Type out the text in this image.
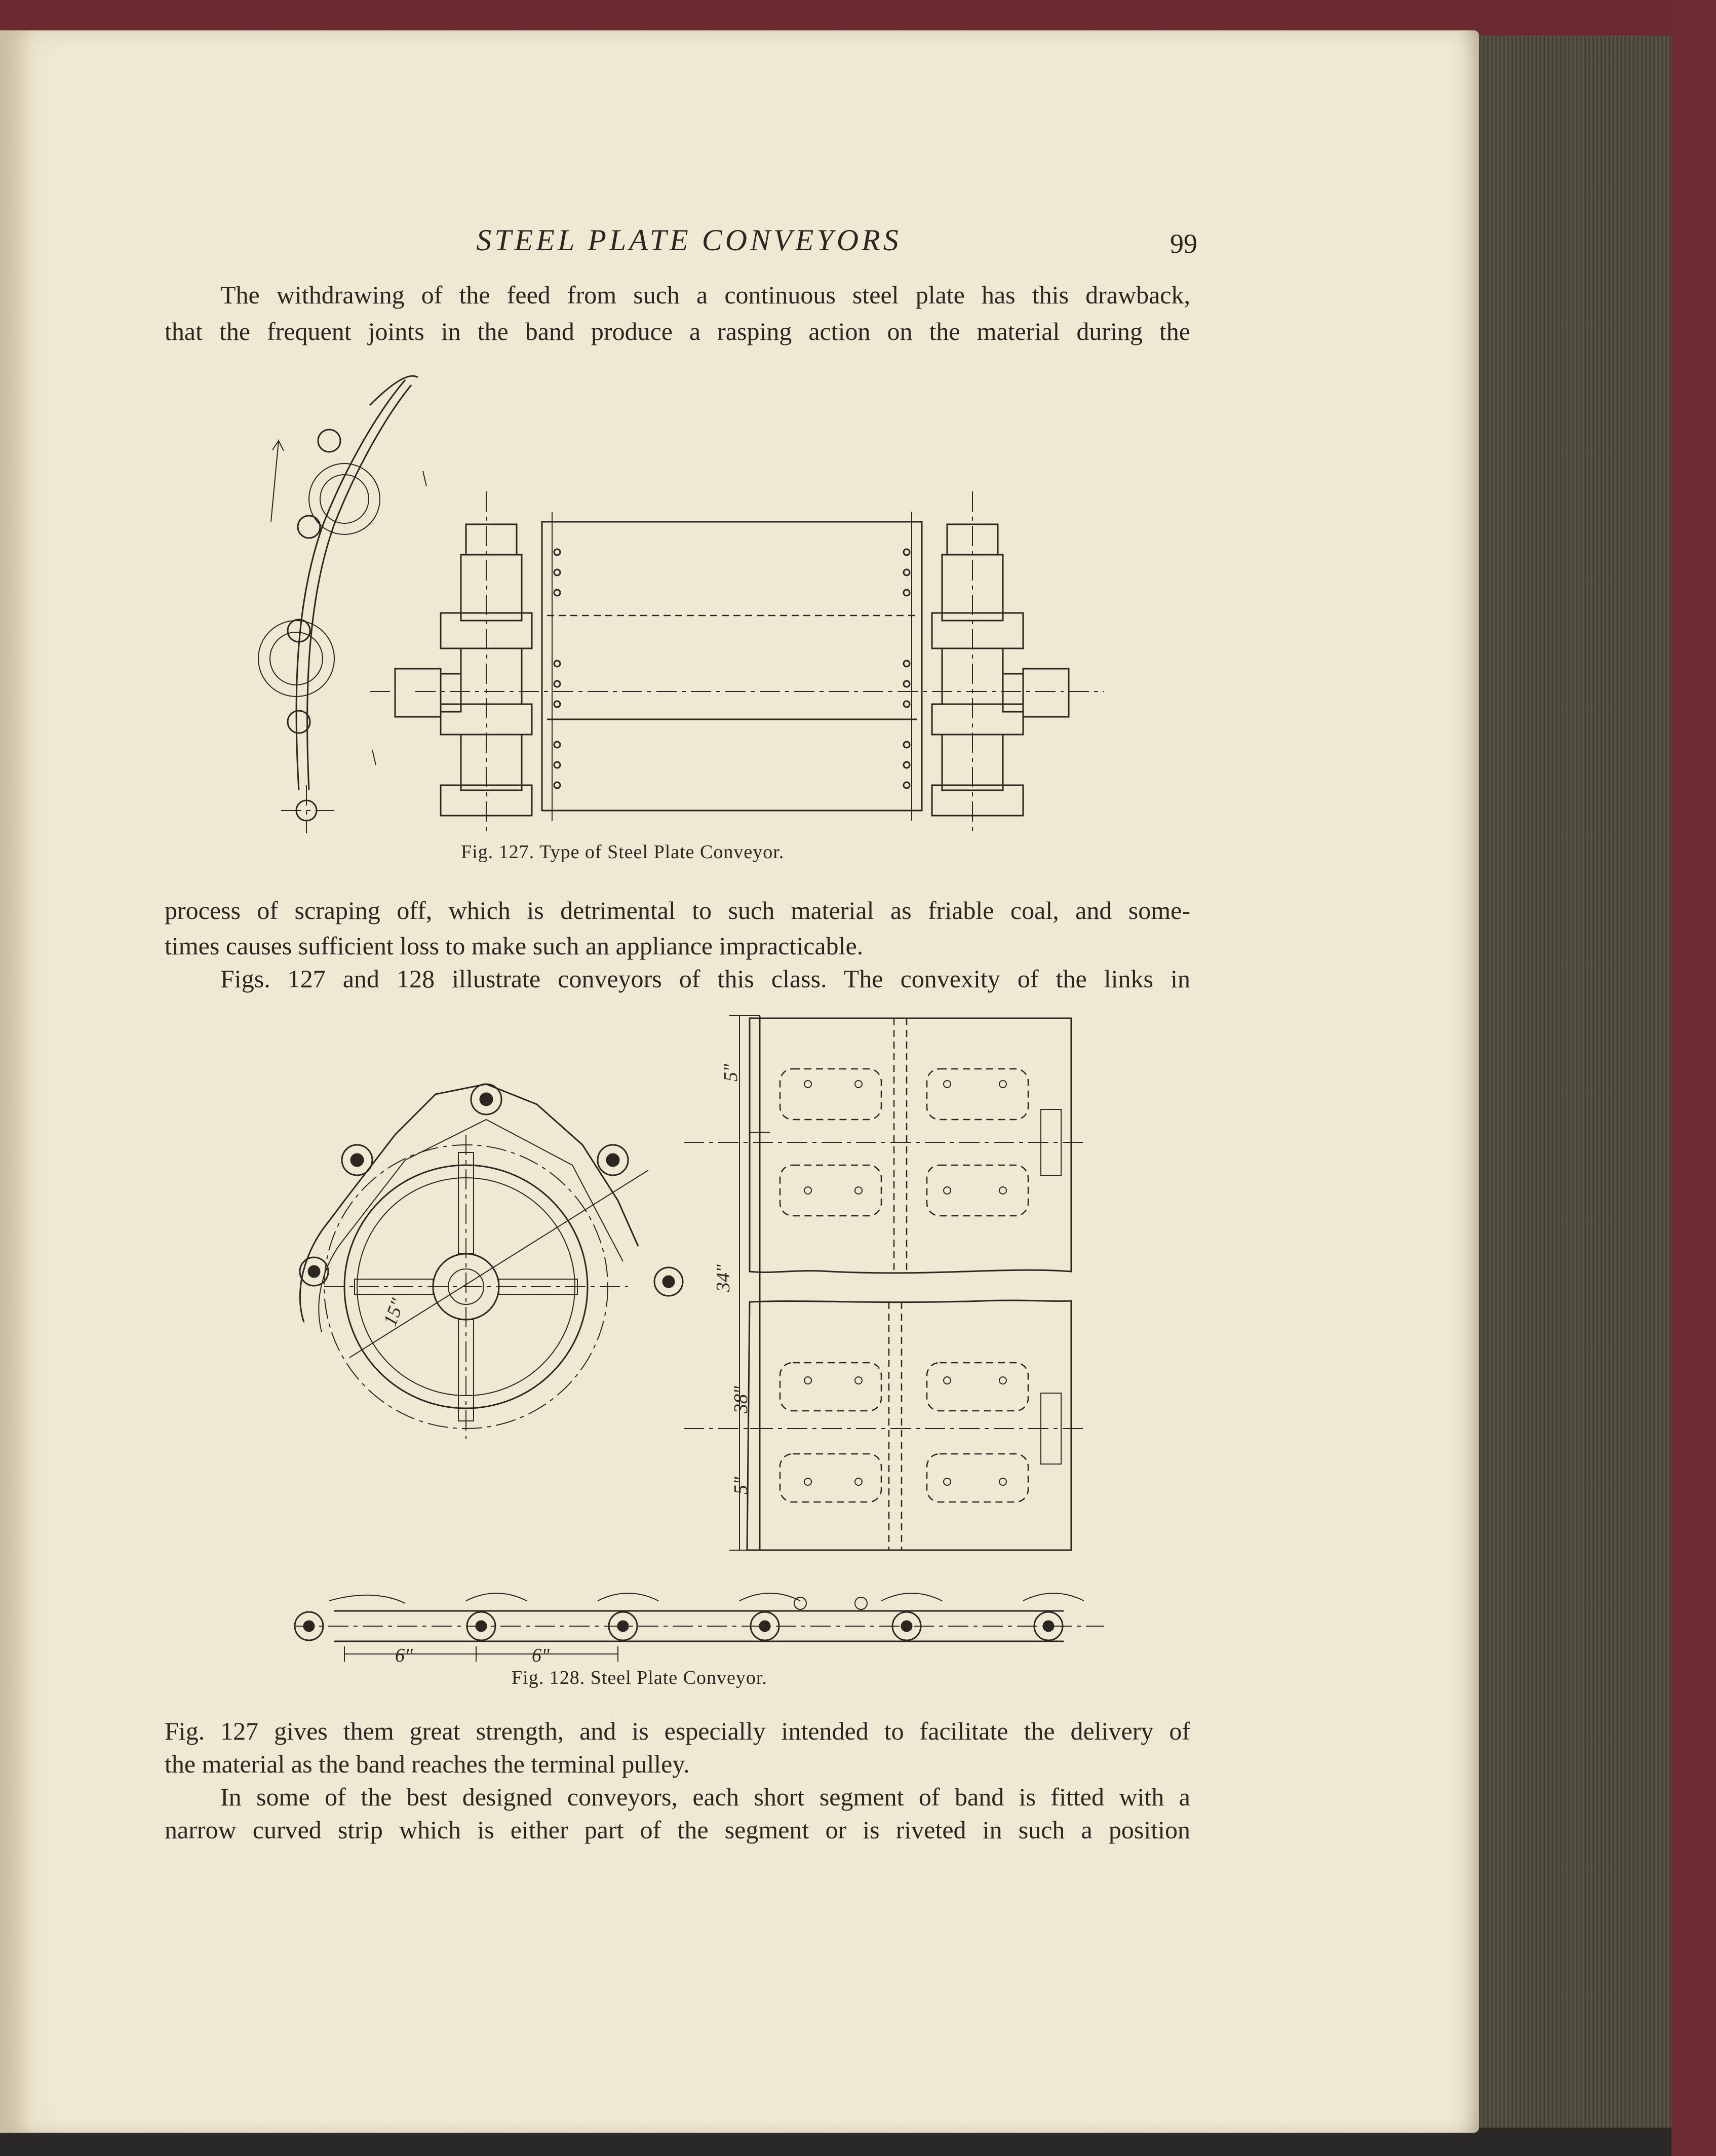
STEEL PLATE CONVEYORS	99

The withdrawing of the feed from such a continuous steel plate has this drawback,

that the frequent joints in the band produce a rasping action on the material during the

Fig. 127. Type of Steel Plate Conveyor.

process of scraping off, which is detrimental to such material as friable coal, and some-

times causes sufficient loss to make such an appliance impracticable.

Figs. 127 and 128 illustrate conveyors of this class. The convexity of the links in

15"
5"
34"
38"
5"
6"	6"
Fig. 128. Steel Plate Conveyor.

Fig. 127 gives them great strength, and is especially intended to facilitate the delivery of

the material as the band reaches the terminal pulley.

In some of the best designed conveyors, each short segment of band is fitted with a

narrow curved strip which is either part of the segment or is riveted in such a position
